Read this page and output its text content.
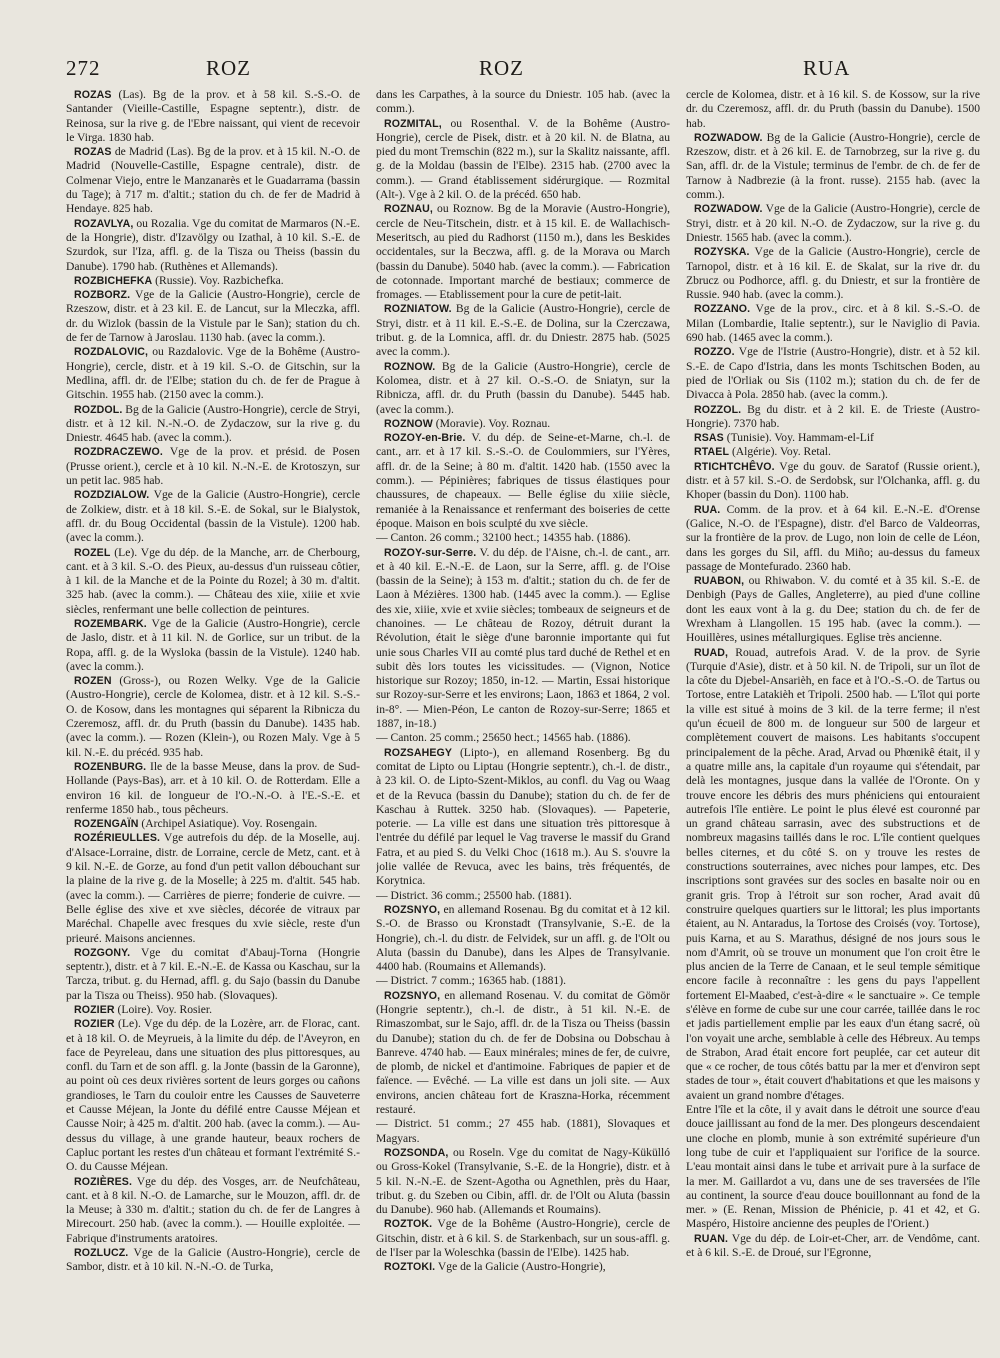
272	ROZ	ROZ	RUA

ROZAS (Las). Bg de la prov. et à 58 kil. S.-S.-O. de Santander (Vieille-Castille, Espagne septentr.), distr. de Reinosa, sur la rive g. de l'Ebre naissant, qui vient de recevoir le Virga. 1830 hab.

ROZAS de Madrid (Las). Bg de la prov. et à 15 kil. N.-O. de Madrid (Nouvelle-Castille, Espagne centrale), distr. de Colmenar Viejo, entre le Manzanarès et le Guadarrama (bassin du Tage); à 717 m. d'altit.; station du ch. de fer de Madrid à Hendaye. 825 hab.

ROZAVLYA, ou Rozalia. Vge du comitat de Marmaros (N.-E. de la Hongrie), distr. d'Izavölgy ou Izathal, à 10 kil. S.-E. de Szurdok, sur l'Iza, affl. g. de la Tisza ou Theiss (bassin du Danube). 1790 hab. (Ruthènes et Allemands).

ROZBICHEFKA (Russie). Voy. Razbichefka.

ROZBORZ. Vge de la Galicie (Austro-Hongrie), cercle de Rzeszow, distr. et à 23 kil. E. de Lancut, sur la Mleczka, affl. dr. du Wizlok (bassin de la Vistule par le San); station du ch. de fer de Tarnow à Jaroslau. 1130 hab. (avec la comm.).

ROZDALOVIC, ou Razdalovic. Vge de la Bohême (Austro-Hongrie), cercle, distr. et à 19 kil. S.-O. de Gitschin, sur la Medlina, affl. dr. de l'Elbe; station du ch. de fer de Prague à Gitschin. 1955 hab. (2150 avec la comm.).

ROZDOL. Bg de la Galicie (Austro-Hongrie), cercle de Stryi, distr. et à 12 kil. N.-N.-O. de Zydaczow, sur la rive g. du Dniestr. 4645 hab. (avec la comm.).

ROZDRACZEWO. Vge de la prov. et présid. de Posen (Prusse orient.), cercle et à 10 kil. N.-N.-E. de Krotoszyn, sur un petit lac. 985 hab.

ROZDZIALOW. Vge de la Galicie (Austro-Hongrie), cercle de Zolkiew, distr. et à 18 kil. S.-E. de Sokal, sur le Bialystok, affl. dr. du Boug Occidental (bassin de la Vistule). 1200 hab. (avec la comm.).

ROZEL (Le). Vge du dép. de la Manche, arr. de Cherbourg, cant. et à 3 kil. S.-O. des Pieux, au-dessus d'un ruisseau côtier, à 1 kil. de la Manche et de la Pointe du Rozel; à 30 m. d'altit. 325 hab. (avec la comm.). — Château des xiie, xiiie et xvie siècles, renfermant une belle collection de peintures.

ROZEMBARK. Vge de la Galicie (Austro-Hongrie), cercle de Jaslo, distr. et à 11 kil. N. de Gorlice, sur un tribut. de la Ropa, affl. g. de la Wysloka (bassin de la Vistule). 1240 hab. (avec la comm.).

ROZEN (Gross-), ou Rozen Welky. Vge de la Galicie (Austro-Hongrie), cercle de Kolomea, distr. et à 12 kil. S.-S.-O. de Kosow, dans les montagnes qui séparent la Ribnicza du Czeremosz, affl. dr. du Pruth (bassin du Danube). 1435 hab. (avec la comm.). — Rozen (Klein-), ou Rozen Maly. Vge à 5 kil. N.-E. du précéd. 935 hab.

ROZENBURG. Ile de la basse Meuse, dans la prov. de Sud-Hollande (Pays-Bas), arr. et à 10 kil. O. de Rotterdam. Elle a environ 16 kil. de longueur de l'O.-N.-O. à l'E.-S.-E. et renferme 1850 hab., tous pêcheurs.

ROZENGAÏN (Archipel Asiatique). Voy. Rosengain.

ROZÉRIEULLES. Vge autrefois du dép. de la Moselle, auj. d'Alsace-Lorraine, distr. de Lorraine, cercle de Metz, cant. et à 9 kil. N.-E. de Gorze, au fond d'un petit vallon débouchant sur la plaine de la rive g. de la Moselle; à 225 m. d'altit. 545 hab. (avec la comm.). — Carrières de pierre; fonderie de cuivre. — Belle église des xive et xve siècles, décorée de vitraux par Maréchal. Chapelle avec fresques du xvie siècle, reste d'un prieuré. Maisons anciennes.

ROZGONY. Vge du comitat d'Abauj-Torna (Hongrie septentr.), distr. et à 7 kil. E.-N.-E. de Kassa ou Kaschau, sur la Tarcza, tribut. g. du Hernad, affl. g. du Sajo (bassin du Danube par la Tisza ou Theiss). 950 hab. (Slovaques).

ROZIER (Loire). Voy. Rosier.

ROZIER (Le). Vge du dép. de la Lozère, arr. de Florac, cant. et à 18 kil. O. de Meyrueis, à la limite du dép. de l'Aveyron, en face de Peyreleau, dans une situation des plus pittoresques, au confl. du Tarn et de son affl. g. la Jonte (bassin de la Garonne), au point où ces deux rivières sortent de leurs gorges ou cañons grandioses, le Tarn du couloir entre les Causses de Sauveterre et Causse Méjean, la Jonte du défilé entre Causse Méjean et Causse Noir; à 425 m. d'altit. 200 hab. (avec la comm.). — Au-dessus du village, à une grande hauteur, beaux rochers de Capluc portant les restes d'un château et formant l'extrémité S.-O. du Causse Méjean.

ROZIÈRES. Vge du dép. des Vosges, arr. de Neufchâteau, cant. et à 8 kil. N.-O. de Lamarche, sur le Mouzon, affl. dr. de la Meuse; à 330 m. d'altit.; station du ch. de fer de Langres à Mirecourt. 250 hab. (avec la comm.). — Houille exploitée. — Fabrique d'instruments aratoires.

ROZLUCZ. Vge de la Galicie (Austro-Hongrie), cercle de Sambor, distr. et à 10 kil. N.-N.-O. de Turka,

dans les Carpathes, à la source du Dniestr. 105 hab. (avec la comm.).

ROZMITAL, ou Rosenthal. V. de la Bohême (Austro-Hongrie), cercle de Pisek, distr. et à 20 kil. N. de Blatna, au pied du mont Tremschin (822 m.), sur la Skalitz naissante, affl. g. de la Moldau (bassin de l'Elbe). 2315 hab. (2700 avec la comm.). — Grand établissement sidérurgique. — Rozmital (Alt-). Vge à 2 kil. O. de la précéd. 650 hab.

ROZNAU, ou Roznow. Bg de la Moravie (Austro-Hongrie), cercle de Neu-Titschein, distr. et à 15 kil. E. de Wallachisch-Meseritsch, au pied du Radhorst (1150 m.), dans les Beskides occidentales, sur la Beczwa, affl. g. de la Morava ou March (bassin du Danube). 5040 hab. (avec la comm.). — Fabrication de cotonnade. Important marché de bestiaux; commerce de fromages. — Etablissement pour la cure de petit-lait.

ROZNIATOW. Bg de la Galicie (Austro-Hongrie), cercle de Stryi, distr. et à 11 kil. E.-S.-E. de Dolina, sur la Czerczawa, tribut. g. de la Lomnica, affl. dr. du Dniestr. 2875 hab. (5025 avec la comm.).

ROZNOW. Bg de la Galicie (Austro-Hongrie), cercle de Kolomea, distr. et à 27 kil. O.-S.-O. de Sniatyn, sur la Ribnicza, affl. dr. du Pruth (bassin du Danube). 5445 hab. (avec la comm.).

ROZNOW (Moravie). Voy. Roznau.

ROZOY-en-Brie. V. du dép. de Seine-et-Marne, ch.-l. de cant., arr. et à 17 kil. S.-S.-O. de Coulommiers, sur l'Yères, affl. dr. de la Seine; à 80 m. d'altit. 1420 hab. (1550 avec la comm.). — Pépinières; fabriques de tissus élastiques pour chaussures, de chapeaux. — Belle église du xiiie siècle, remaniée à la Renaissance et renfermant des boiseries de cette époque. Maison en bois sculpté du xve siècle.

— Canton. 26 comm.; 32100 hect.; 14355 hab. (1886).

ROZOY-sur-Serre. V. du dép. de l'Aisne, ch.-l. de cant., arr. et à 40 kil. E.-N.-E. de Laon, sur la Serre, affl. g. de l'Oise (bassin de la Seine); à 153 m. d'altit.; station du ch. de fer de Laon à Mézières. 1300 hab. (1445 avec la comm.). — Eglise des xie, xiiie, xvie et xviie siècles; tombeaux de seigneurs et de chanoines. — Le château de Rozoy, détruit durant la Révolution, était le siège d'une baronnie importante qui fut unie sous Charles VII au comté plus tard duché de Rethel et en subit dès lors toutes les vicissitudes. — (Vignon, Notice historique sur Rozoy; 1850, in-12. — Martin, Essai historique sur Rozoy-sur-Serre et les environs; Laon, 1863 et 1864, 2 vol. in-8°. — Mien-Péon, Le canton de Rozoy-sur-Serre; 1865 et 1887, in-18.)

— Canton. 25 comm.; 25650 hect.; 14565 hab. (1886).

ROZSAHEGY (Lipto-), en allemand Rosenberg. Bg du comitat de Lipto ou Liptau (Hongrie septentr.), ch.-l. de distr., à 23 kil. O. de Lipto-Szent-Miklos, au confl. du Vag ou Waag et de la Revuca (bassin du Danube); station du ch. de fer de Kaschau à Ruttek. 3250 hab. (Slovaques). — Papeterie, poterie. — La ville est dans une situation très pittoresque à l'entrée du défilé par lequel le Vag traverse le massif du Grand Fatra, et au pied S. du Velki Choc (1618 m.). Au S. s'ouvre la jolie vallée de Revuca, avec les bains, très fréquentés, de Korytnica.

— District. 36 comm.; 25500 hab. (1881).

ROZSNYO, en allemand Rosenau. Bg du comitat et à 12 kil. S.-O. de Brasso ou Kronstadt (Transylvanie, S.-E. de la Hongrie), ch.-l. du distr. de Felvidek, sur un affl. g. de l'Olt ou Aluta (bassin du Danube), dans les Alpes de Transylvanie. 4400 hab. (Roumains et Allemands).

— District. 7 comm.; 16365 hab. (1881).

ROZSNYO, en allemand Rosenau. V. du comitat de Gömör (Hongrie septentr.), ch.-l. de distr., à 51 kil. N.-E. de Rimaszombat, sur le Sajo, affl. dr. de la Tisza ou Theiss (bassin du Danube); station du ch. de fer de Dobsina ou Dobschau à Banreve. 4740 hab. — Eaux minérales; mines de fer, de cuivre, de plomb, de nickel et d'antimoine. Fabriques de papier et de faïence. — Evêché. — La ville est dans un joli site. — Aux environs, ancien château fort de Kraszna-Horka, récemment restauré.

— District. 51 comm.; 27 455 hab. (1881), Slovaques et Magyars.

ROZSONDA, ou Roseln. Vge du comitat de Nagy-Kükülló ou Gross-Kokel (Transylvanie, S.-E. de la Hongrie), distr. et à 5 kil. N.-N.-E. de Szent-Agotha ou Agnethlen, près du Haar, tribut. g. du Szeben ou Cibin, affl. dr. de l'Olt ou Aluta (bassin du Danube). 960 hab. (Allemands et Roumains).

ROZTOK. Vge de la Bohême (Austro-Hongrie), cercle de Gitschin, distr. et à 6 kil. S. de Starkenbach, sur un sous-affl. g. de l'Iser par la Woleschka (bassin de l'Elbe). 1425 hab.

ROZTOKI. Vge de la Galicie (Austro-Hongrie),

cercle de Kolomea, distr. et à 16 kil. S. de Kossow, sur la rive dr. du Czeremosz, affl. dr. du Pruth (bassin du Danube). 1500 hab.

ROZWADOW. Bg de la Galicie (Austro-Hongrie), cercle de Rzeszow, distr. et à 26 kil. E. de Tarnobrzeg, sur la rive g. du San, affl. dr. de la Vistule; terminus de l'embr. de ch. de fer de Tarnow à Nadbrezie (à la front. russe). 2155 hab. (avec la comm.).

ROZWADOW. Vge de la Galicie (Austro-Hongrie), cercle de Stryi, distr. et à 20 kil. N.-O. de Zydaczow, sur la rive g. du Dniestr. 1565 hab. (avec la comm.).

ROZYSKA. Vge de la Galicie (Austro-Hongrie), cercle de Tarnopol, distr. et à 16 kil. E. de Skalat, sur la rive dr. du Zbrucz ou Podhorce, affl. g. du Dniestr, et sur la frontière de Russie. 940 hab. (avec la comm.).

ROZZANO. Vge de la prov., circ. et à 8 kil. S.-S.-O. de Milan (Lombardie, Italie septentr.), sur le Naviglio di Pavia. 690 hab. (1465 avec la comm.).

ROZZO. Vge de l'Istrie (Austro-Hongrie), distr. et à 52 kil. S.-E. de Capo d'Istria, dans les monts Tschitschen Boden, au pied de l'Orliak ou Sis (1102 m.); station du ch. de fer de Divacca à Pola. 2850 hab. (avec la comm.).

ROZZOL. Bg du distr. et à 2 kil. E. de Trieste (Austro-Hongrie). 7370 hab.

RSAS (Tunisie). Voy. Hammam-el-Lif

RTAEL (Algérie). Voy. Retal.

RTICHTCHÊVO. Vge du gouv. de Saratof (Russie orient.), distr. et à 57 kil. S.-O. de Serdobsk, sur l'Olchanka, affl. g. du Khoper (bassin du Don). 1100 hab.

RUA. Comm. de la prov. et à 64 kil. E.-N.-E. d'Orense (Galice, N.-O. de l'Espagne), distr. d'el Barco de Valdeorras, sur la frontière de la prov. de Lugo, non loin de celle de Léon, dans les gorges du Sil, affl. du Miño; au-dessus du fameux passage de Montefurado. 2360 hab.

RUABON, ou Rhiwabon. V. du comté et à 35 kil. S.-E. de Denbigh (Pays de Galles, Angleterre), au pied d'une colline dont les eaux vont à la g. du Dee; station du ch. de fer de Wrexham à Llangollen. 15 195 hab. (avec la comm.). — Houillères, usines métallurgiques. Eglise très ancienne.

RUAD, Rouad, autrefois Arad. V. de la prov. de Syrie (Turquie d'Asie), distr. et à 50 kil. N. de Tripoli, sur un îlot de la côte du Djebel-Ansarièh, en face et à l'O.-S.-O. de Tartus ou Tortose, entre Latakièh et Tripoli. 2500 hab. — L'îlot qui porte la ville est situé à moins de 3 kil. de la terre ferme; il n'est qu'un écueil de 800 m. de longueur sur 500 de largeur et complètement couvert de maisons. Les habitants s'occupent principalement de la pêche. Arad, Arvad ou Phœnikê était, il y a quatre mille ans, la capitale d'un royaume qui s'étendait, par delà les montagnes, jusque dans la vallée de l'Oronte. On y trouve encore les débris des murs phéniciens qui entouraient autrefois l'île entière. Le point le plus élevé est couronné par un grand château sarrasin, avec des substructions et de nombreux magasins taillés dans le roc. L'île contient quelques belles citernes, et du côté S. on y trouve les restes de constructions souterraines, avec niches pour lampes, etc. Des inscriptions sont gravées sur des socles en basalte noir ou en granit gris. Trop à l'étroit sur son rocher, Arad avait dû construire quelques quartiers sur le littoral; les plus importants étaient, au N. Antaradus, la Tortose des Croisés (voy. Tortose), puis Karna, et au S. Marathus, désigné de nos jours sous le nom d'Amrit, où se trouve un monument que l'on croit être le plus ancien de la Terre de Canaan, et le seul temple sémitique encore facile à reconnaître : les gens du pays l'appellent fortement El-Maabed, c'est-à-dire « le sanctuaire ». Ce temple s'élève en forme de cube sur une cour carrée, taillée dans le roc et jadis partiellement emplie par les eaux d'un étang sacré, où l'on voyait une arche, semblable à celle des Hébreux. Au temps de Strabon, Arad était encore fort peuplée, car cet auteur dit que « ce rocher, de tous côtés battu par la mer et d'environ sept stades de tour », était couvert d'habitations et que les maisons y avaient un grand nombre d'étages.

Entre l'île et la côte, il y avait dans le détroit une source d'eau douce jaillissant au fond de la mer. Des plongeurs descendaient une cloche en plomb, munie à son extrémité supérieure d'un long tube de cuir et l'appliquaient sur l'orifice de la source. L'eau montait ainsi dans le tube et arrivait pure à la surface de la mer. M. Gaillardot a vu, dans une de ses traversées de l'île au continent, la source d'eau douce bouillonnant au fond de la mer. » (E. Renan, Mission de Phénicie, p. 41 et 42, et G. Maspéro, Histoire ancienne des peuples de l'Orient.)

RUAN. Vge du dép. de Loir-et-Cher, arr. de Vendôme, cant. et à 6 kil. S.-E. de Droué, sur l'Egronne,
